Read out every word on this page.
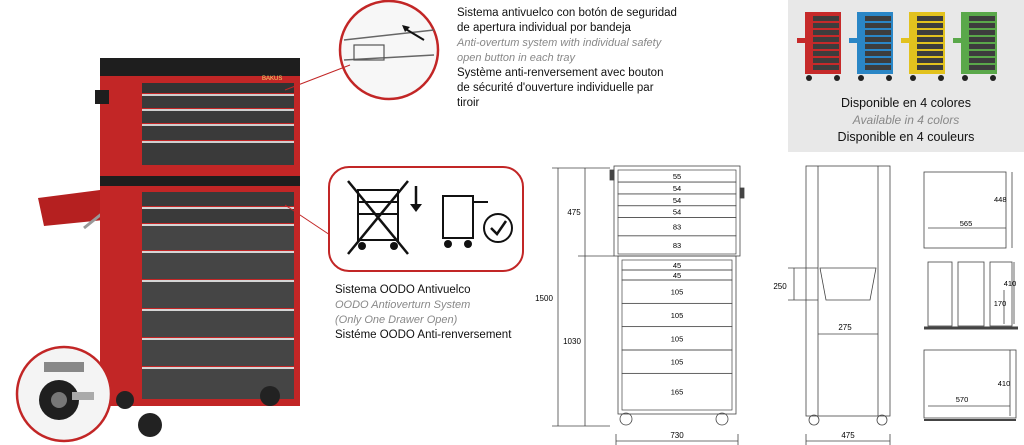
BAKUS
Sistema antivuelco con botón de seguridad de apertura individual por bandeja
Anti-overtum system with individual safety open button in each tray
Système anti-renversement avec bouton de sécurité d'ouverture individuelle par tiroir
Sistema OODO Antivuelco
OODO Antioverturn System
(Only One Drawer Open)
Sistéme OODO Anti-renversement
Disponible en 4 colores
Available in 4 colors
Disponible en 4 couleurs
55
54
54
54
83
83
45
45
105
105
105
105
165
1500
475
1030
730
250
275
475
448
565
410
170
410
570
